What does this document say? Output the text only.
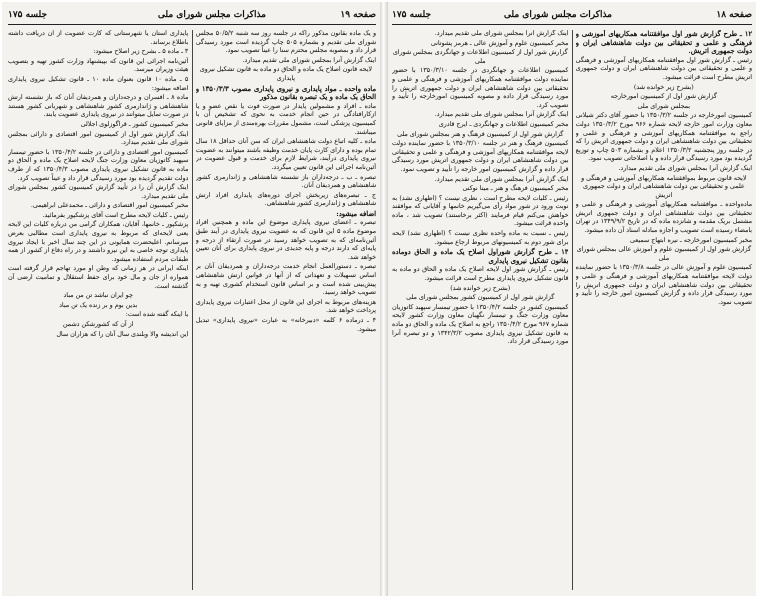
صفحه ۱۹
مذاکرات مجلس شورای ملی
جلسه ۱۷۵

و یک ماده بقانون مذکور راکه در جلسه روز سه شنبه ۵۰/۵/۲ مجلس شورای ملی تقدیم و بشماره ۵۰۵ چاپ گردیده است مورد رسیدگی قرار داد و بمصوبه مجلس محترم سنا را عیناً تصویب نمود.

اینک گزارش آنرا بمجلس شورای ملی تقدیم میدارد.

لایحه قانون اصلاح یک ماده و الحاق دو ماده به قانون تشکیل نیروی پایداری

ماده واحده ـ مواد پایداری و نیروی پایداری مصوب ۱۳۵۰/۳/۳ و الحاق یک ماده و یک تبصره بقانون مذکور

ماده ـ افراد و مشمولین پایدار در صورت فوت یا نقص عضو و یا ازکارافتادگی در حین انجام خدمت به نحوی که تشخیص آن با کمیسیون پزشکی است، مشمول مقررات بهره‌مندی از مزایای قانونی میباشند.

ماده ـ کلیه اتباع دولت شاهنشاهی ایران که سن آنان حداقل ۱۸ سال تمام بوده و دارای کارت پایان خدمت وظیفه باشند میتوانند به عضویت نیروی پایداری درآیند، شرایط لازم برای خدمت و قبول عضویت در آئین‌نامه اجرائی این قانون تعیین میگردد.

تبصره ـ ب ـ درجه‌داران باز نشسته شاهنشاهی و ژاندارمری کشور شاهنشاهی و همردیفان آنان.

ج ـ تبصره‌های زیربخش اجرای دوره‌های پایداری افراد ارتش شاهنشاهی و ژاندارمری کشور شاهنشاهی.

اضافه میشود:

تبصره ـ اعضای نیروی پایداری موضوع این ماده و همچنین افراد موضوع ماده ۵ این قانون که به عضویت نیروی پایداری در آیند طبق آئین‌نامه‌ای که به تصویب خواهد رسید در صورت ارتقاء از درجه و پایه‌ای که دارند درجه و پایه جدیدی در نیروی پایداری برای آنان تعیین خواهد شد.

تبصره ـ دستورالعمل انجام خدمت درجه‌داران و همردیفان آنان بر اساس تسهیلات و تعهداتی که از آنها در قوانین ارتش شاهنشاهی پیش‌بینی شده است و بر اساس قانون استخدام کشوری تهیه و به تصویب خواهد رسید.

هزینه‌های مربوط به اجرای این قانون از محل اعتبارات نیروی پایداری پرداخت خواهد شد.

۴ ـ درماده ۶ کلمه «دبیرخانه» به عبارت «نیروی پایداری» تبدیل میشود.

پایداری استان یا شهرستانی که کارت عضویت از آن دریافت داشته باطلاع برساند.

۳ ـ ماده ۵ ـ بشرح زیر اصلاح میشود:

آئین‌نامه اجرائی این قانون که بپیشنهاد وزارت کشور تهیه و بتصویب هیئت وزیران میرسد.

۵ ـ ماده ۱۰ قانون بعنوان ماده ۱۰ ـ قانون تشکیل نیروی پایداری اضافه میشود:

ماده ۸ ـ افسران و درجه‌داران و همردیفان آنان که باز نشسته ارتش شاهنشاهی و ژاندارمری کشور شاهنشاهی و شهربانی کشور هستند در صورت تمایل میتوانند در نیروی پایداری عضویت یابند.

مخبر کمیسیون کشور ـ قراگوزلوی اجلالی

اینک گزارش شور اول از کمیسیون امور اقتصادی و دارائی بمجلس شورای ملی تقدیم میدارد.

کمیسیون امور اقتصادی و دارائی در جلسه ۱۳۵۰/۴/۲ با حضور تیمسار سپهبد کاتوزیان معاون وزارت جنگ لایحه اصلاح یک ماده و الحاق دو ماده به قانون تشکیل نیروی پایداری مصوب ۱۳۵۰/۴/۳ که از طرف دولت تقدیم گردیده بود مورد رسیدگی قرار داد و عیناً تصویب کرد.

اینک گزارش آن را در تأیید گزارش کمیسیون کشور بمجلس شورای ملی تقدیم میدارد.

مخبر کمیسیون امور اقتصادی و دارائی ـ محمدعلی ابراهیمی.

رئیس ـ کلیات لایحه مطرح است آقای پزشکپور بفرمائید.

پزشکپور ـ خانمها، آقایان، همکاران گرامی من درباره کلیات این لایحه یعنی لایحه‌ای که مربوط به نیروی پایداری است مطالبی بعرض میرسانم. اعلیحضرت همایونی در این چند سال اخیر با ایجاد نیروی پایداری توجه خاصی به این نیرو داشتند و در راه دفاع از کشور از همه طبقات مردم استفاده میشود.

اینکه ایرانی در هر زمانی که وطن او مورد تهاجم قرار گرفته است همواره از جان و مال خود برای حفظ استقلال و تمامیت ارضی آن گذشته است.

چو ایران نباشد تن من مباد

بدین بوم و بر زنده یک تن مباد

یا اینکه گفته شده است:

از آن که کشورشکن دشمن

این اندیشه والا وبلندی سال آنان را که هزاران سال

صفحه ۱۸
مذاکرات مجلس شورای ملی
جلسه ۱۷۵

۱۲ ـ طرح گزارش شور اول موافقتنامه همکاریهای آموزشی و فرهنگی و علمی و تحقیقاتی بین دولت شاهنشاهی ایران و دولت جمهوری اتریش.

رئیس ـ گزارش شور اول موافقتنامه همکاریهای آموزشی و فرهنگی و علمی و تحقیقاتی بین دولت شاهنشاهی ایران و دولت جمهوری اتریش مطرح است قرائت میشود.

(بشرح زیر خوانده شد)

گزارش شور اول از کمیسیون امورخارجه

بمجلس شورای ملی

کمیسیون امورخارجه در جلسه ۱۳۵۰/۳/۲ با حضور آقای دکتر شیلانی معاون وزارت امور خارجه لایحه شماره ۹۶۶ مورخ ۱۳۵۰/۳/۲ دولت راجع به موافقتنامه همکاریهای آموزشی و فرهنگی و علمی و تحقیقاتی بین دولت شاهنشاهی ایران و دولت جمهوری اتریش را که در جلسه روز پنجشنبه ۱۳۵۰/۳/۲ اعلام و بشماره ۵۰۳ چاپ و توزیع گردیده بود مورد رسیدگی قرار داده و با اصلاحاتی تصویب نمود.

اینک گزارش آنرا بمجلس شورای ملی تقدیم میدارد.

لایحه قانون مربوط بموافقتنامه همکاریهای آموزشی و فرهنگی و علمی و تحقیقاتی بین دولت شاهنشاهی ایران و دولت جمهوری اتریش

ماده‌واحده ـ موافقتنامه همکاریهای آموزشی و فرهنگی و علمی و تحقیقاتی بین دولت شاهنشاهی ایران و دولت جمهوری اتریش مشتمل بریک مقدمه و شانزده ماده که در تاریخ ۱۳۴۹/۹/۲ در تهران بامضاء رسیده است تصویب و اجازه مبادله اسناد آن داده میشود.

مخبر کمیسیون امورخارجه ـ نیره ابتهاج سمیعی

گزارش شور اول از کمیسیون علوم و آموزش عالی بمجلس شورای ملی

کمیسیون علوم و آموزش عالی در جلسه ۱۳۵۰/۳/۸ با حضور نماینده دولت لایحه موافقتنامه همکاریهای آموزشی و فرهنگی و علمی و تحقیقاتی بین دولت شاهنشاهی ایران و دولت جمهوری اتریش را مورد رسیدگی قرار داده و گزارش کمیسیون امور خارجه را تأیید و تصویب نمود.

اینک گزارش آنرا بمجلس شورای ملی تقدیم میدارد.

مخبر کمیسیون علوم و آموزش عالی ـ هرمز پشوتانی

گزارش شور اول از کمیسیون اطلاعات و جهانگردی بمجلس شورای ملی

کمیسیون اطلاعات و جهانگردی در جلسه ۱۳۵۰/۳/۱۰ با حضور نماینده دولت موافقتنامه همکاریهای آموزشی و فرهنگی و علمی و تحقیقاتی بین دولت شاهنشاهی ایران و دولت جمهوری اتریش را مورد رسیدگی قرار داده و مصوبه کمیسیون امورخارجه را تأیید و تصویب کرد.

اینک گزارش آنرا بمجلس شورای ملی تقدیم میدارد.

مخبر کمیسیون اطلاعات و جهانگردی ـ ایرج قادری

گزارش شور اول از کمیسیون فرهنگ و هنر بمجلس شورای ملی

کمیسیون فرهنگ و هنر در جلسه ۱۳۵۰/۳/۱۰ با حضور نماینده دولت لایحه موافقتنامه همکاریهای آموزشی و فرهنگی و علمی و تحقیقاتی بین دولت شاهنشاهی ایران و دولت جمهوری اتریش مورد رسیدگی قرار داده و گزارش کمیسیون امور خارجه را تأیید و تصویب نمود.

اینک گزارش آنرا بمجلس شورای ملی تقدیم میدارد.

مخبر کمیسیون فرهنگ و هنر ـ مینا نوکنی

رئیس ـ کلیات لایحه مطرح است ، نظری نیست ؟ (اظهاری نشد) به نوبت ورود در شور مواد رأی می‌گیریم خانمها و آقایانی که موافقند خواهش می‌کنم قیام فرمایند (اکثر برخاستند) تصویب شد ، ماده واحده قرائت میشود.

رئیس ـ نسبت به ماده واحده نظری نیست ؟ (اظهاری نشد) لایحه برای شور دوم به کمیسیونهای مربوط ارجاع میشود.

۱۳ ـ طرح گزارش شوراول اصلاح یک ماده و الحاق دوماده بقانون تشکیل نیروی پایداری

رئیس ـ گزارش شور اول لایحه اصلاح یک ماده و الحاق دو ماده به قانون تشکیل نیروی پایداری مطرح است قرائت میشود.

(بشرح زیر خوانده شد)

گزارش شور اول از کمیسیون کشور بمجلس شورای ملی

کمیسیون کشور در جلسه ۱۳۵۰/۴/۲ با حضور تیمسار سپهبد کاتوزیان معاون وزارت جنگ و تیمسار نگهبان معاون وزارت کشور لایحه شماره ۹۶۷ مورخ ۱۳۵۰/۴/۲ راجع به اصلاح یک ماده و الحاق دو ماده به قانون تشکیل نیروی پایداری مصوب ۱۳۴۲/۳/۲ و دو تبصره آنرا مورد رسیدگی قرار داد.
